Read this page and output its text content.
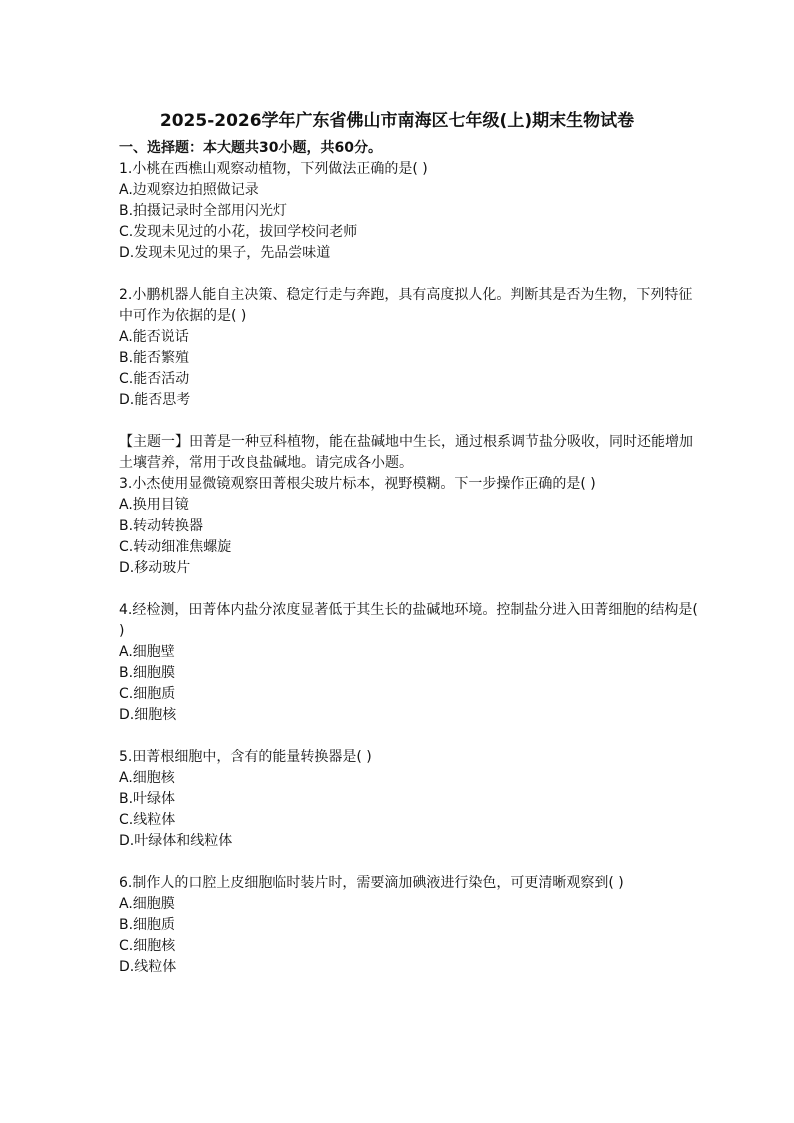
2025-2026学年广东省佛山市南海区七年级(上)期末生物试卷

一、选择题：本大题共30小题，共60分。

1.小桃在西樵山观察动植物，下列做法正确的是( )

A.边观察边拍照做记录

B.拍摄记录时全部用闪光灯

C.发现未见过的小花，拔回学校问老师

D.发现未见过的果子，先品尝味道

2.小鹏机器人能自主决策、稳定行走与奔跑，具有高度拟人化。判断其是否为生物，下列特征中可作为依据的是( )

A.能否说话

B.能否繁殖

C.能否活动

D.能否思考

【主题一】田菁是一种豆科植物，能在盐碱地中生长，通过根系调节盐分吸收，同时还能增加土壤营养，常用于改良盐碱地。请完成各小题。

3.小杰使用显微镜观察田菁根尖玻片标本，视野模糊。下一步操作正确的是( )

A.换用目镜

B.转动转换器

C.转动细准焦螺旋

D.移动玻片

4.经检测，田菁体内盐分浓度显著低于其生长的盐碱地环境。控制盐分进入田菁细胞的结构是( )

A.细胞壁

B.细胞膜

C.细胞质

D.细胞核

5.田菁根细胞中，含有的能量转换器是( )

A.细胞核

B.叶绿体

C.线粒体

D.叶绿体和线粒体

6.制作人的口腔上皮细胞临时装片时，需要滴加碘液进行染色，可更清晰观察到( )

A.细胞膜

B.细胞质

C.细胞核

D.线粒体
